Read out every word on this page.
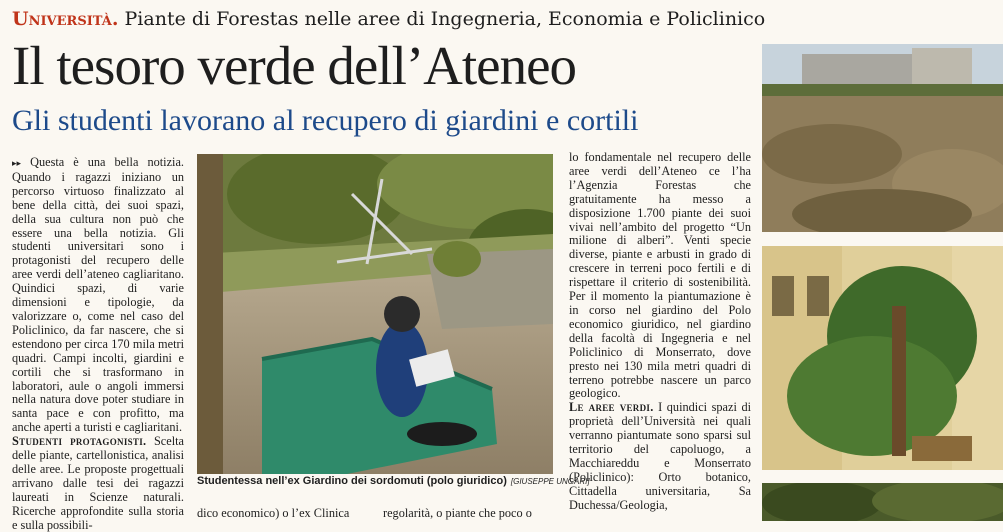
Università. Piante di Forestas nelle aree di Ingegneria, Economia e Policlinico
Il tesoro verde dell’Ateneo
Gli studenti lavorano al recupero di giardini e cortili

▸▸ Questa è una bella notizia. Quando i ragazzi iniziano un percorso virtuoso finalizzato al bene della città, dei suoi spazi, della sua cultura non può che essere una bella notizia. Gli studenti universitari sono i protagonisti del recupero delle aree verdi dell’ateneo cagliaritano. Quindici spazi, di varie dimensioni e tipologie, da valorizzare o, come nel caso del Policlinico, da far nascere, che si estendono per circa 170 mila metri quadri. Campi incolti, giardini e cortili che si trasformano in laboratori, aule o angoli immersi nella natura dove poter studiare in santa pace e con profitto, ma anche aperti a turisti e cagliaritani.

Studenti protagonisti. Scelta delle piante, cartellonistica, analisi delle aree. Le proposte progettuali arrivano dalle tesi dei ragazzi laureati in Scienze naturali. Ricerche approfondite sulla storia e sulla possibili-

Studentessa nell’ex Giardino dei sordomuti (polo giuridico) [GIUSEPPE UNGARI]

dico economico) o l’ex Clinica

lo fondamentale nel recupero delle aree verdi dell’Ateneo ce l’ha l’Agenzia Forestas che gratuitamente ha messo a disposizione 1.700 piante dei suoi vivai nell’ambito del progetto “Un milione di alberi”. Venti specie diverse, piante e arbusti in grado di crescere in terreni poco fertili e di rispettare il criterio di sostenibilità. Per il momento la piantumazione è in corso nel giardino del Polo economico giuridico, nel giardino della facoltà di Ingegneria e nel Policlinico di Monserrato, dove presto nei 130 mila metri quadri di terreno potrebbe nascere un parco geologico.

Le aree verdi. I quindici spazi di proprietà dell’Università nei quali verranno piantumate sono sparsi sul territorio del capoluogo, a Macchiareddu e Monserrato (Policlinico): Orto botanico, Cittadella universitaria, Sa Duchessa/Geologia,

regolarità, o piante che poco o
